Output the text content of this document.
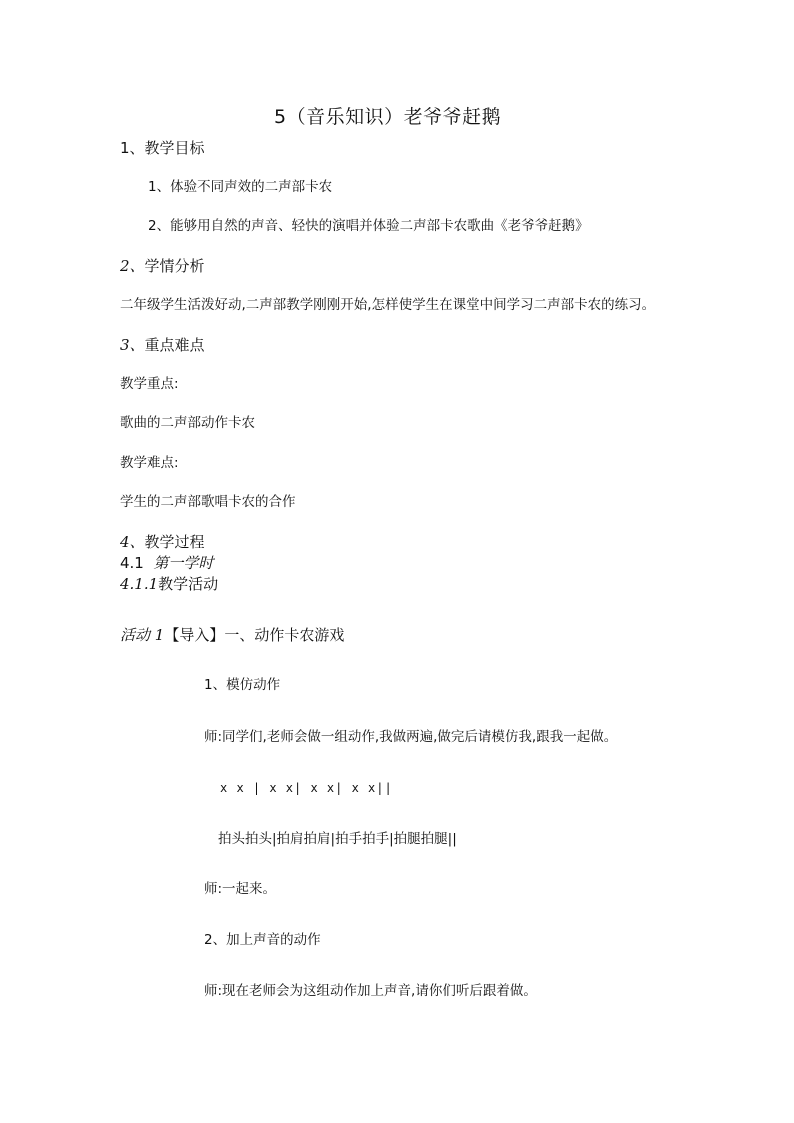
5（音乐知识）老爷爷赶鹅
1、教学目标
1、体验不同声效的二声部卡农
2、能够用自然的声音、轻快的演唱并体验二声部卡农歌曲《老爷爷赶鹅》
2、学情分析
二年级学生活泼好动,二声部教学刚刚开始,怎样使学生在课堂中间学习二声部卡农的练习。
3、重点难点
教学重点:
歌曲的二声部动作卡农
教学难点:
学生的二声部歌唱卡农的合作
4、教学过程
4.1 第一学时
4.1.1教学活动
活动 1【导入】一、动作卡农游戏
1、模仿动作
师:同学们,老师会做一组动作,我做两遍,做完后请模仿我,跟我一起做。
x x | x x| x x| x x||
拍头拍头|拍肩拍肩|拍手拍手|拍腿拍腿||
师:一起来。
2、加上声音的动作
师:现在老师会为这组动作加上声音,请你们听后跟着做。
